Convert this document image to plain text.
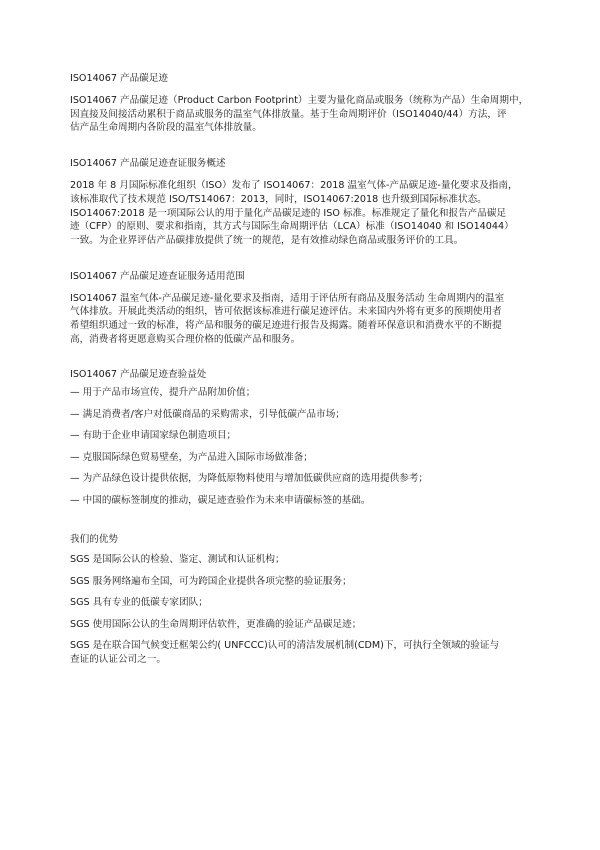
ISO14067 产品碳足迹
ISO14067 产品碳足迹（Product Carbon Footprint）主要为量化商品或服务（统称为产品）生命周期中，
因直接及间接活动累积于商品或服务的温室气体排放量。基于生命周期评价（ISO14040/44）方法，评
估产品生命周期内各阶段的温室气体排放量。
ISO14067 产品碳足迹查证服务概述
2018 年 8 月国际标准化组织（ISO）发布了 ISO14067：2018 温室气体-产品碳足迹-量化要求及指南，
该标准取代了技术规范 ISO/TS14067：2013，同时，ISO14067:2018 也升级到国际标准状态。
ISO14067:2018 是一项国际公认的用于量化产品碳足迹的 ISO 标准。标准规定了量化和报告产品碳足
迹（CFP）的原则、要求和指南，其方式与国际生命周期评估（LCA）标准（ISO14040 和 ISO14044）
一致。为企业界评估产品碳排放提供了统一的规范，是有效推动绿色商品或服务评价的工具。
ISO14067 产品碳足迹查证服务适用范围
ISO14067 温室气体-产品碳足迹-量化要求及指南，适用于评估所有商品及服务活动 生命周期内的温室
气体排放。开展此类活动的组织，皆可依据该标准进行碳足迹评估。未来国内外将有更多的预期使用者
希望组织通过一致的标准，将产品和服务的碳足迹进行报告及揭露。随着环保意识和消费水平的不断提
高，消费者将更愿意购买合理价格的低碳产品和服务。
ISO14067 产品碳足迹查验益处
— 用于产品市场宣传，提升产品附加价值；
— 满足消费者/客户对低碳商品的采购需求，引导低碳产品市场；
— 有助于企业申请国家绿色制造项目；
— 克服国际绿色贸易壁垒，为产品进入国际市场做准备；
— 为产品绿色设计提供依据，为降低原物料使用与增加低碳供应商的选用提供参考；
— 中国的碳标签制度的推动，碳足迹查验作为未来申请碳标签的基础。
我们的优势
SGS 是国际公认的检验、鉴定、测试和认证机构；
SGS 服务网络遍布全国，可为跨国企业提供各项完整的验证服务；
SGS 具有专业的低碳专家团队；
SGS 使用国际公认的生命周期评估软件，更准确的验证产品碳足迹；
SGS 是在联合国气候变迁框架公约( UNFCCC)认可的清洁发展机制(CDM)下，可执行全领域的验证与
查证的认证公司之一。
